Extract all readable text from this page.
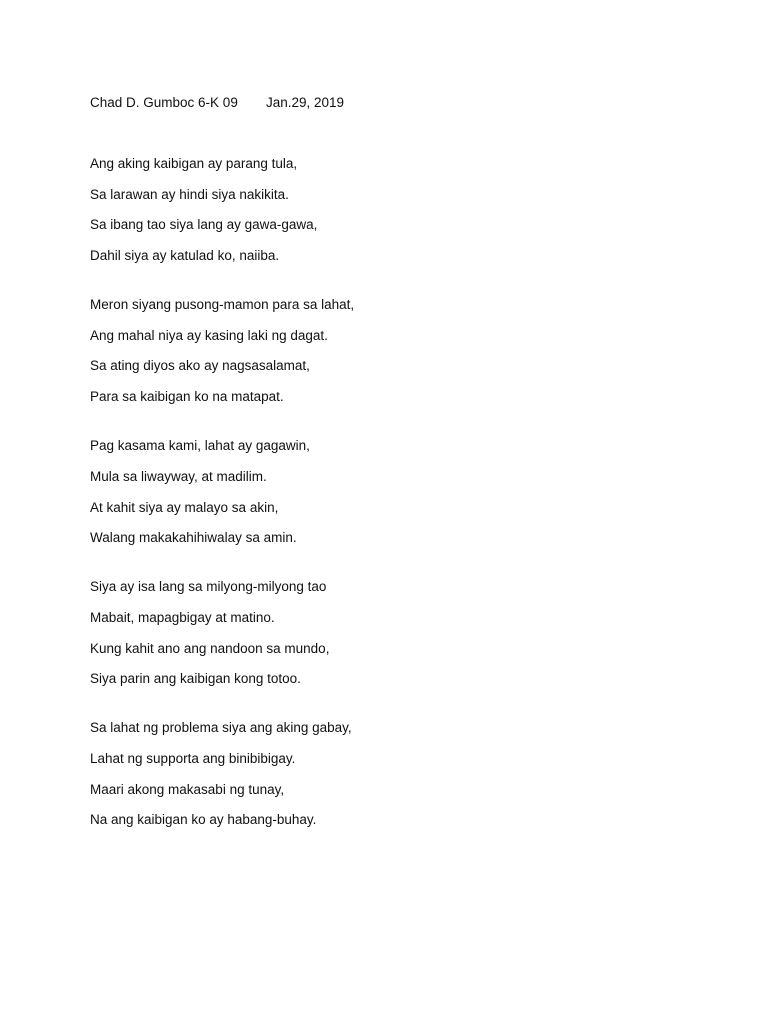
Chad D. Gumboc 6-K 09 Jan.29, 2019
Ang aking kaibigan ay parang tula,
Sa larawan ay hindi siya nakikita.
Sa ibang tao siya lang ay gawa-gawa,
Dahil siya ay katulad ko, naiiba.
Meron siyang pusong-mamon para sa lahat,
Ang mahal niya ay kasing laki ng dagat.
Sa ating diyos ako ay nagsasalamat,
Para sa kaibigan ko na matapat.
Pag kasama kami, lahat ay gagawin,
Mula sa liwayway, at madilim.
At kahit siya ay malayo sa akin,
Walang makakahihiwalay sa amin.
Siya ay isa lang sa milyong-milyong tao
Mabait, mapagbigay at matino.
Kung kahit ano ang nandoon sa mundo,
Siya parin ang kaibigan kong totoo.
Sa lahat ng problema siya ang aking gabay,
Lahat ng supporta ang binibibigay.
Maari akong makasabi ng tunay,
Na ang kaibigan ko ay habang-buhay.
